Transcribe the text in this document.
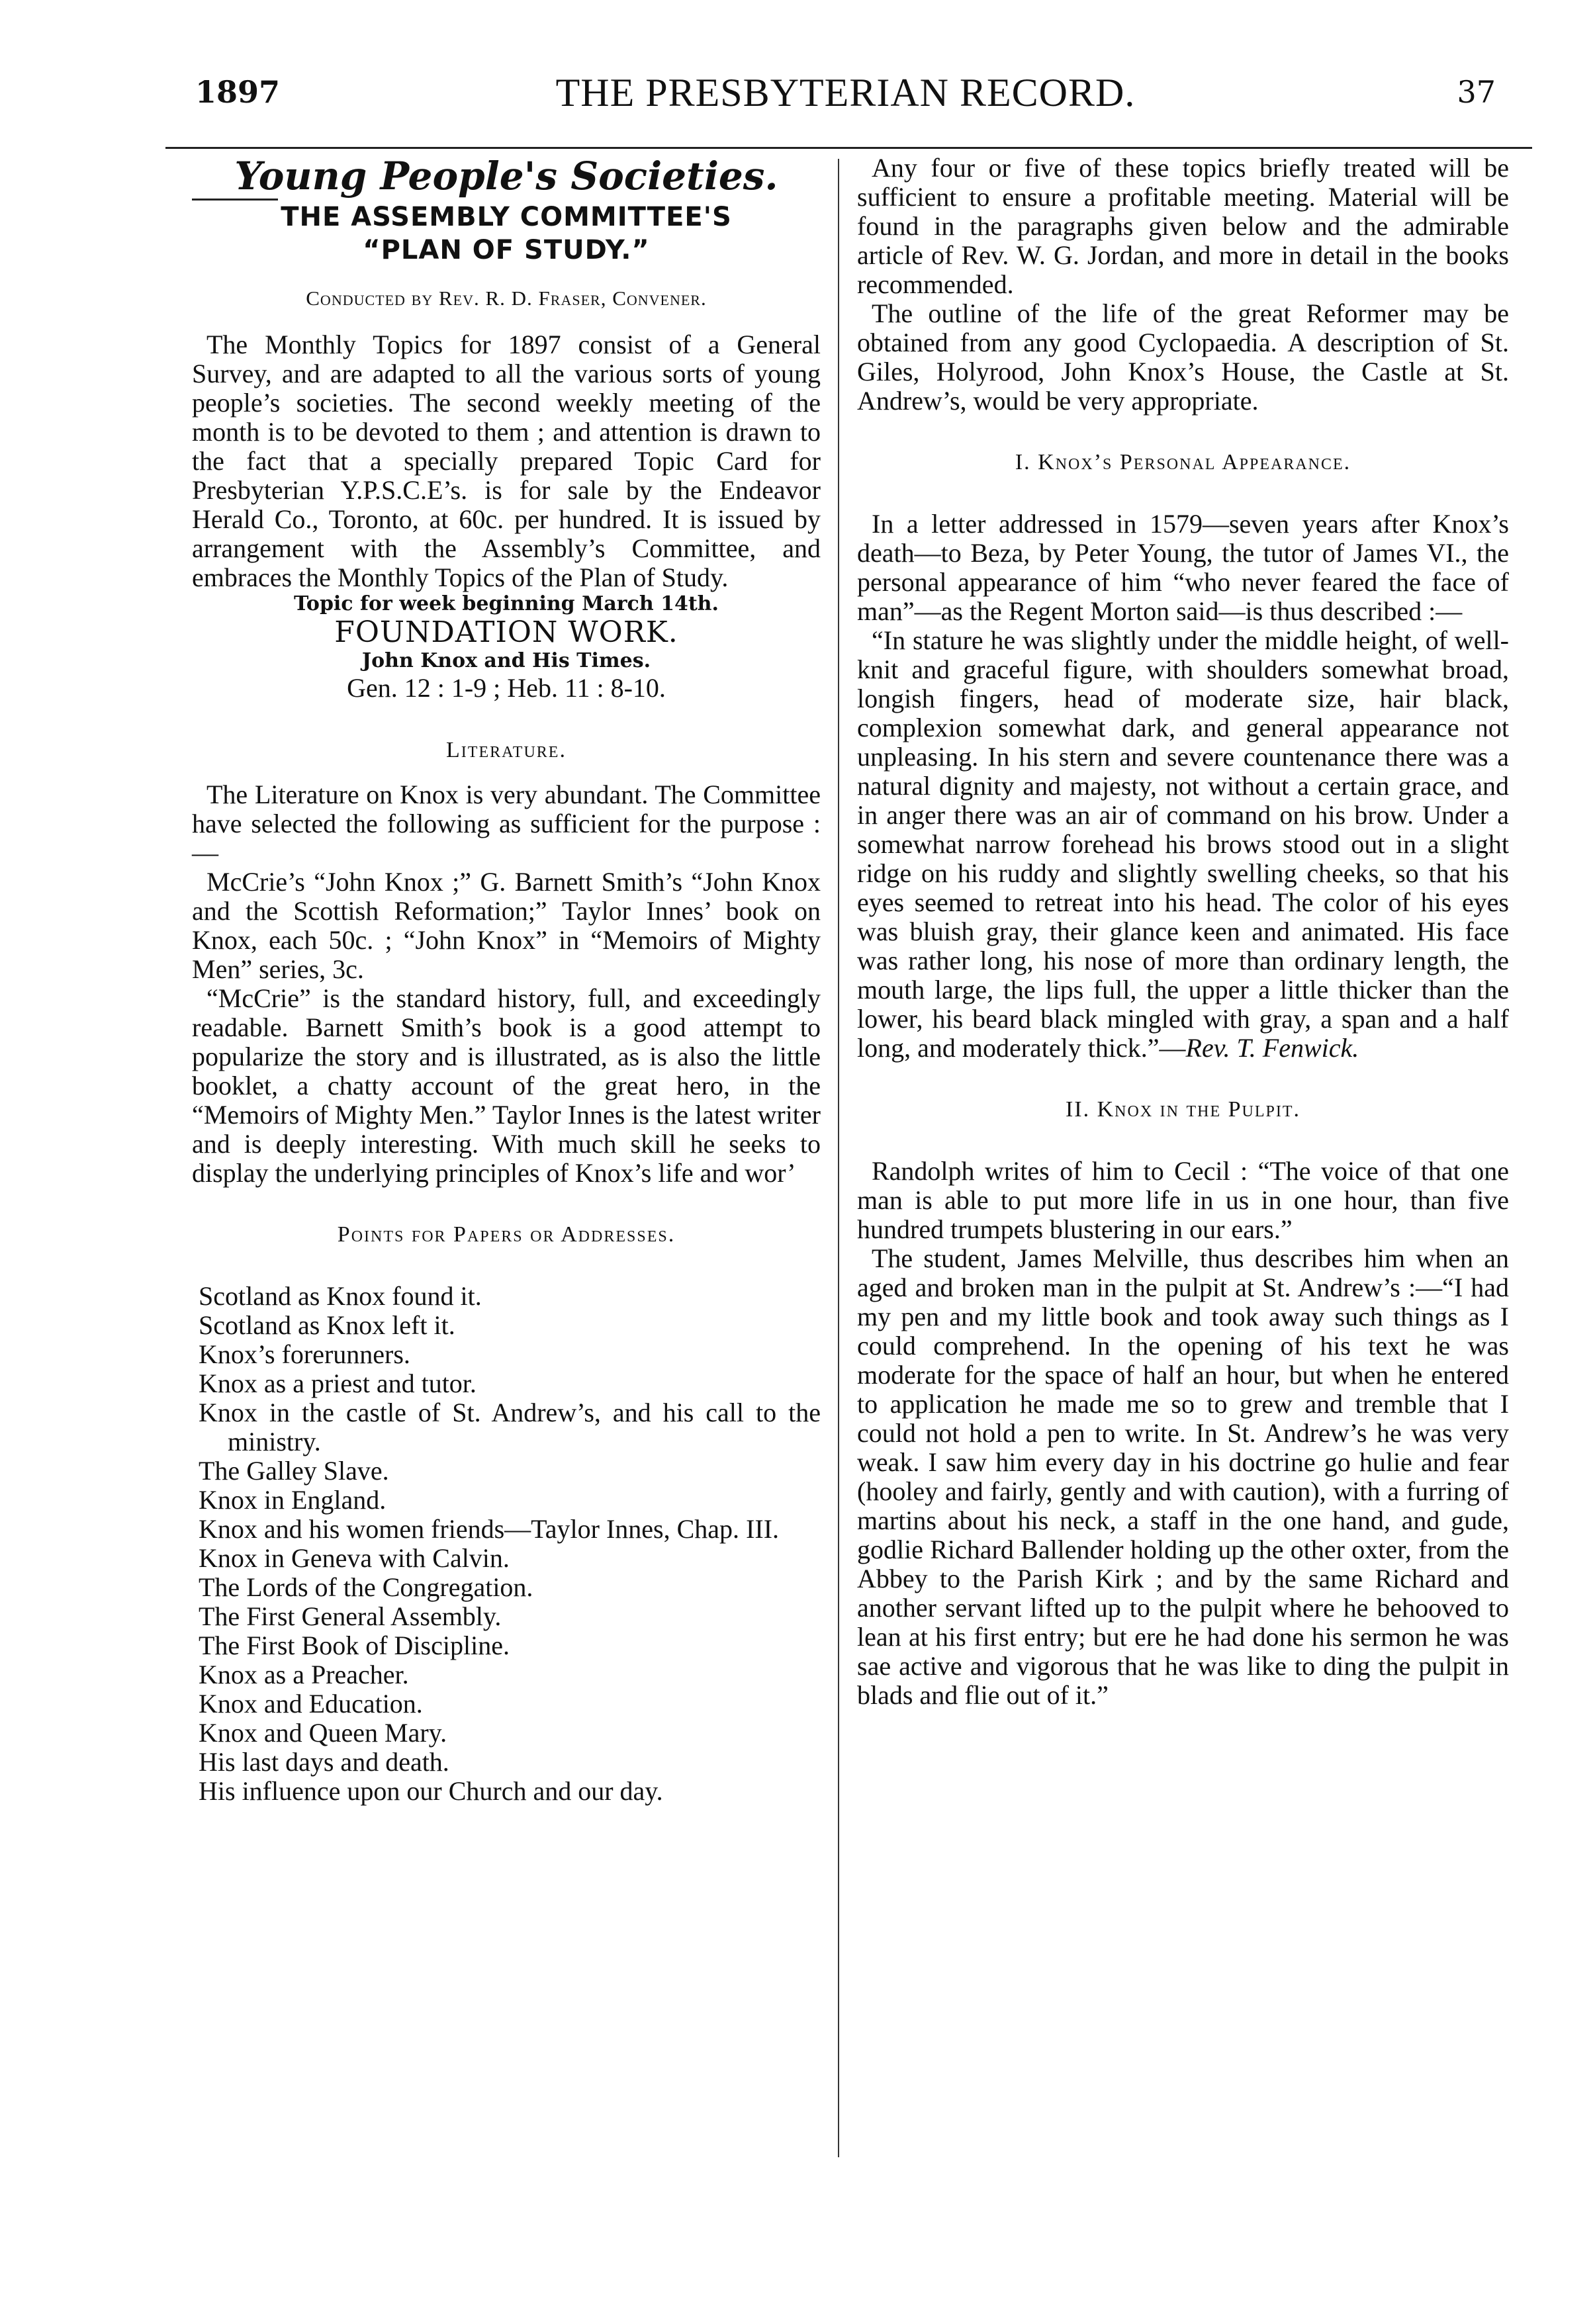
1897	THE PRESBYTERIAN RECORD.	37
Young People's Societies.
THE ASSEMBLY COMMITTEE'S
“PLAN OF STUDY.”
Conducted by Rev. R. D. Fraser, Convener.

The Monthly Topics for 1897 consist of a General Survey, and are adapted to all the various sorts of young people’s societies. The second weekly meeting of the month is to be devoted to them ; and attention is drawn to the fact that a specially prepared Topic Card for Presbyterian Y.P.S.C.E’s. is for sale by the Endeavor Herald Co., Toronto, at 60c. per hundred. It is issued by arrangement with the Assembly’s Committee, and embraces the Monthly Topics of the Plan of Study.

Topic for week beginning March 14th.
FOUNDATION WORK.
John Knox and His Times.
Gen. 12 : 1-9 ; Heb. 11 : 8-10.
Literature.

The Literature on Knox is very abundant. The Committee have selected the following as sufficient for the purpose :—

McCrie’s “John Knox ;” G. Barnett Smith’s “John Knox and the Scottish Reformation;” Taylor Innes’ book on Knox, each 50c. ; “John Knox” in “Memoirs of Mighty Men” series, 3c.

“McCrie” is the standard history, full, and exceedingly readable. Barnett Smith’s book is a good attempt to popularize the story and is illustrated, as is also the little booklet, a chatty account of the great hero, in the “Memoirs of Mighty Men.” Taylor Innes is the latest writer and is deeply interesting. With much skill he seeks to display the underlying principles of Knox’s life and wor’

Points for Papers or Addresses.
Scotland as Knox found it.
Scotland as Knox left it.
Knox’s forerunners.
Knox as a priest and tutor.
Knox in the castle of St. Andrew’s, and his call to the ministry.
The Galley Slave.
Knox in England.
Knox and his women friends—Taylor Innes, Chap. III.
Knox in Geneva with Calvin.
The Lords of the Congregation.
The First General Assembly.
The First Book of Discipline.
Knox as a Preacher.
Knox and Education.
Knox and Queen Mary.
His last days and death.
His influence upon our Church and our day.

Any four or five of these topics briefly treated will be sufficient to ensure a profitable meeting. Material will be found in the paragraphs given below and the admirable article of Rev. W. G. Jordan, and more in detail in the books recommended.

The outline of the life of the great Reformer may be obtained from any good Cyclopaedia. A description of St. Giles, Holyrood, John Knox’s House, the Castle at St. Andrew’s, would be very appropriate.

I. Knox’s Personal Appearance.

In a letter addressed in 1579—seven years after Knox’s death—to Beza, by Peter Young, the tutor of James VI., the personal appearance of him “who never feared the face of man”—as the Regent Morton said—is thus described :—

“In stature he was slightly under the middle height, of well-knit and graceful figure, with shoulders somewhat broad, longish fingers, head of moderate size, hair black, complexion somewhat dark, and general appearance not unpleasing. In his stern and severe countenance there was a natural dignity and majesty, not without a certain grace, and in anger there was an air of command on his brow. Under a somewhat narrow forehead his brows stood out in a slight ridge on his ruddy and slightly swelling cheeks, so that his eyes seemed to retreat into his head. The color of his eyes was bluish gray, their glance keen and animated. His face was rather long, his nose of more than ordinary length, the mouth large, the lips full, the upper a little thicker than the lower, his beard black mingled with gray, a span and a half long, and moderately thick.”—Rev. T. Fenwick.

II. Knox in the Pulpit.

Randolph writes of him to Cecil : “The voice of that one man is able to put more life in us in one hour, than five hundred trumpets blustering in our ears.”

The student, James Melville, thus describes him when an aged and broken man in the pulpit at St. Andrew’s :—“I had my pen and my little book and took away such things as I could comprehend. In the opening of his text he was moderate for the space of half an hour, but when he entered to application he made me so to grew and tremble that I could not hold a pen to write. In St. Andrew’s he was very weak. I saw him every day in his doctrine go hulie and fear (hooley and fairly, gently and with caution), with a furring of martins about his neck, a staff in the one hand, and gude, godlie Richard Ballender holding up the other oxter, from the Abbey to the Parish Kirk ; and by the same Richard and another servant lifted up to the pulpit where he behooved to lean at his first entry; but ere he had done his sermon he was sae active and vigorous that he was like to ding the pulpit in blads and flie out of it.”
